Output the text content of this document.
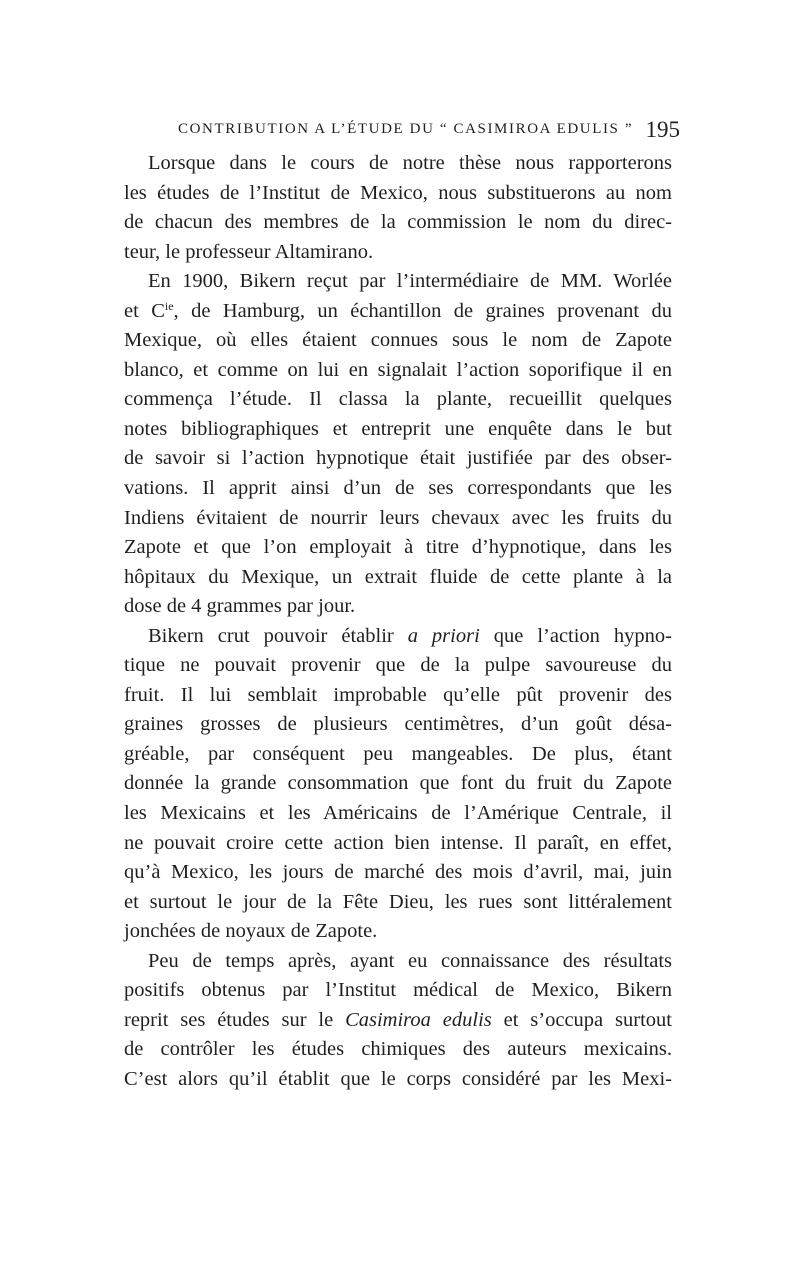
CONTRIBUTION A L’ÉTUDE DU “ CASIMIROA EDULIS ” 195
Lorsque dans le cours de notre thèse nous rapporterons
les études de l’Institut de Mexico, nous substituerons au nom
de chacun des membres de la commission le nom du direc-
teur, le professeur Altamirano.
En 1900, Bikern reçut par l’intermédiaire de MM. Worlée
et $C^{ie}$, de Hamburg, un échantillon de graines provenant du
Mexique, où elles étaient connues sous le nom de Zapote
blanco, et comme on lui en signalait l’action soporifique il en
commença l’étude. Il classa la plante, recueillit quelques
notes bibliographiques et entreprit une enquête dans le but
de savoir si l’action hypnotique était justifiée par des obser-
vations. Il apprit ainsi d’un de ses correspondants que les
Indiens évitaient de nourrir leurs chevaux avec les fruits du
Zapote et que l’on employait à titre d’hypnotique, dans les
hôpitaux du Mexique, un extrait fluide de cette plante à la
dose de 4 grammes par jour.
Bikern crut pouvoir établir a priori que l’action hypno-
tique ne pouvait provenir que de la pulpe savoureuse du
fruit. Il lui semblait improbable qu’elle pût provenir des
graines grosses de plusieurs centimètres, d’un goût désa-
gréable, par conséquent peu mangeables. De plus, étant
donnée la grande consommation que font du fruit du Zapote
les Mexicains et les Américains de l’Amérique Centrale, il
ne pouvait croire cette action bien intense. Il paraît, en effet,
qu’à Mexico, les jours de marché des mois d’avril, mai, juin
et surtout le jour de la Fête Dieu, les rues sont littéralement
jonchées de noyaux de Zapote.
Peu de temps après, ayant eu connaissance des résultats
positifs obtenus par l’Institut médical de Mexico, Bikern
reprit ses études sur le Casimiroa edulis et s’occupa surtout
de contrôler les études chimiques des auteurs mexicains.
C’est alors qu’il établit que le corps considéré par les Mexi-
